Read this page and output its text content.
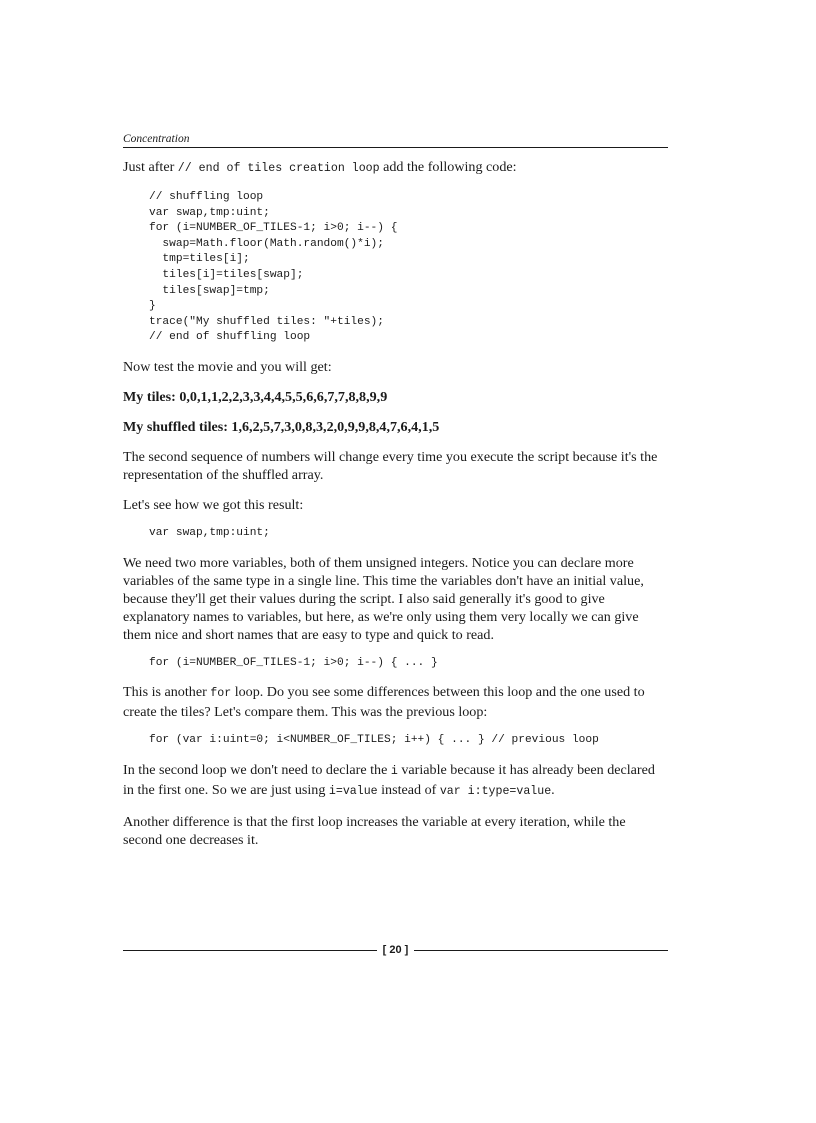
Concentration

Just after // end of tiles creation loop add the following code:

// shuffling loop
var swap,tmp:uint;
for (i=NUMBER_OF_TILES-1; i>0; i--) {
swap=Math.floor(Math.random()*i);
tmp=tiles[i];
tiles[i]=tiles[swap];
tiles[swap]=tmp;
}
trace("My shuffled tiles: "+tiles);
// end of shuffling loop

Now test the movie and you will get:

My tiles: 0,0,1,1,2,2,3,3,4,4,5,5,6,6,7,7,8,8,9,9

My shuffled tiles: 1,6,2,5,7,3,0,8,3,2,0,9,9,8,4,7,6,4,1,5

The second sequence of numbers will change every time you execute the script because it's the representation of the shuffled array.

Let's see how we got this result:

var swap,tmp:uint;

We need two more variables, both of them unsigned integers. Notice you can declare more variables of the same type in a single line. This time the variables don't have an initial value, because they'll get their values during the script. I also said generally it's good to give explanatory names to variables, but here, as we're only using them very locally we can give them nice and short names that are easy to type and quick to read.

for (i=NUMBER_OF_TILES-1; i>0; i--) { ... }

This is another for loop. Do you see some differences between this loop and the one used to create the tiles? Let's compare them. This was the previous loop:

for (var i:uint=0; i<NUMBER_OF_TILES; i++) { ... } // previous loop

In the second loop we don't need to declare the i variable because it has already been declared in the first one. So we are just using i=value instead of var i:type=value.

Another difference is that the first loop increases the variable at every iteration, while the second one decreases it.

[ 20 ]
